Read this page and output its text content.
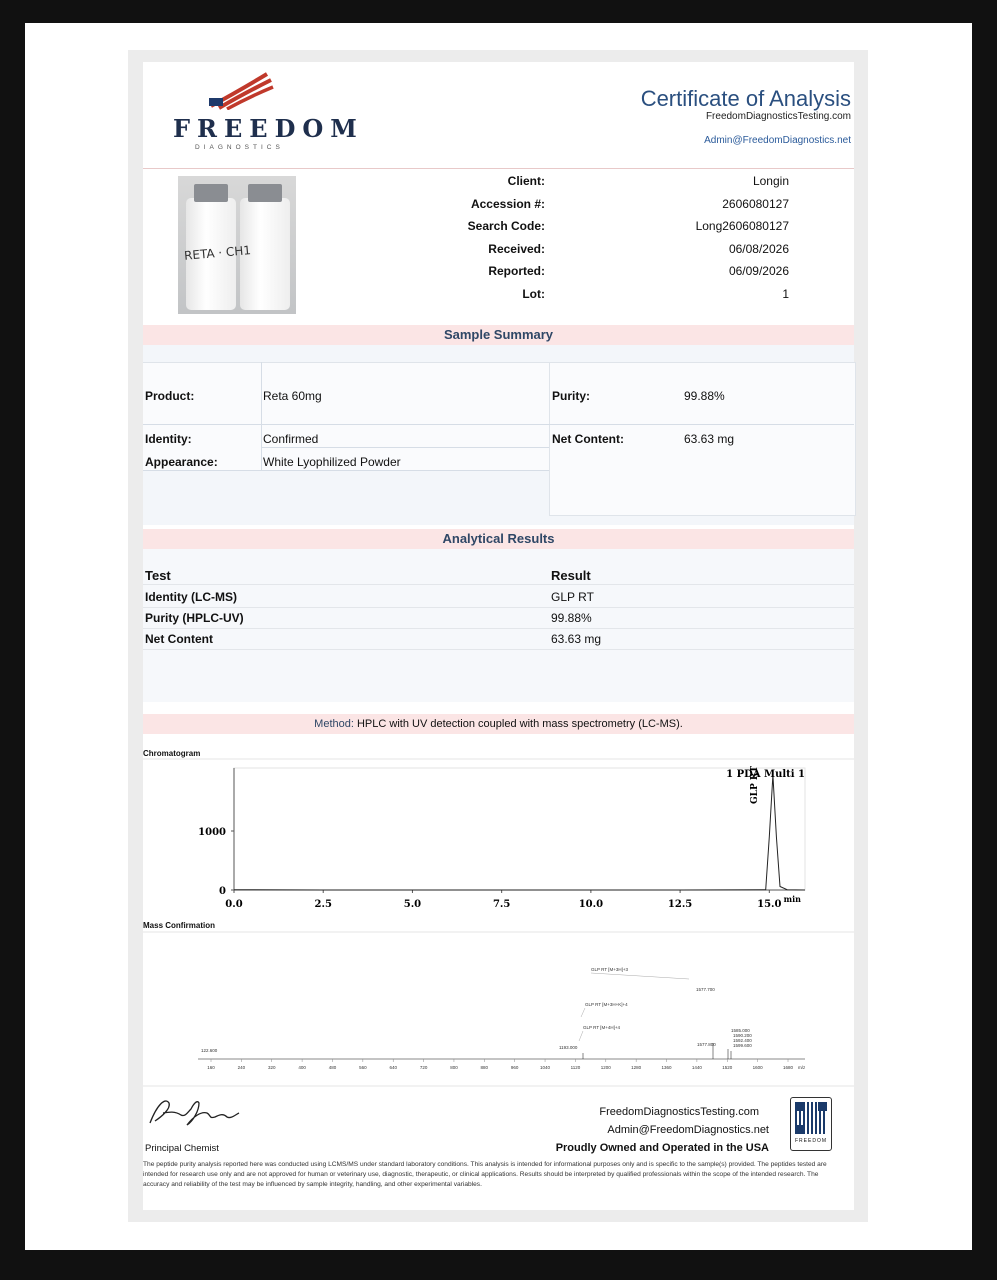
FREEDOM
DIAGNOSTICS
Certificate of Analysis
FreedomDiagnosticsTesting.com
Admin@FreedomDiagnostics.net
RETA · CH1
Client:	Longin
Accession #:	2606080127
Search Code:	Long2606080127
Received:	06/08/2026
Reported:	06/09/2026
Lot:	1
Sample Summary
Product:	Reta 60mg	Purity:	99.88%
Identity:	Confirmed	Net Content:	63.63 mg
Appearance:	White Lyophilized Powder
Analytical Results
Test	Result
Identity (LC-MS)	GLP RT
Purity (HPLC-UV)	99.88%
Net Content	63.63 mg
Method: HPLC with UV detection coupled with mass spectrometry (LC-MS).
Chromatogram
0.0	2.5	5.0	7.5	10.0	12.5	15.0
0
1000
1 PDA Multi 1
GLP RT
min
Mass Confirmation
160	240	320	400	480	560	640	720	800	880	960	1040	1120	1200	1280	1360	1440	1520	1600	1680
GLP RT [M+3H]+3
GLP RT [M+3H+K]+4
GLP RT [M+4H]+4
1577.700
1193.000
1577.800
122.600
1585.000
1590.200
1592.400
1599.600
m/z
Principal Chemist
FreedomDiagnosticsTesting.com
Admin@FreedomDiagnostics.net
Proudly Owned and Operated in the USA
FREEDOM
The peptide purity analysis reported here was conducted using LCMS/MS under standard laboratory conditions. This analysis is intended for informational purposes only and is specific to the sample(s) provided. The peptides tested are intended for research use only and are not approved for human or veterinary use, diagnostic, therapeutic, or clinical applications. Results should be interpreted by qualified professionals within the scope of the intended research. The accuracy and reliability of the test may be influenced by sample integrity, handling, and other experimental variables.
